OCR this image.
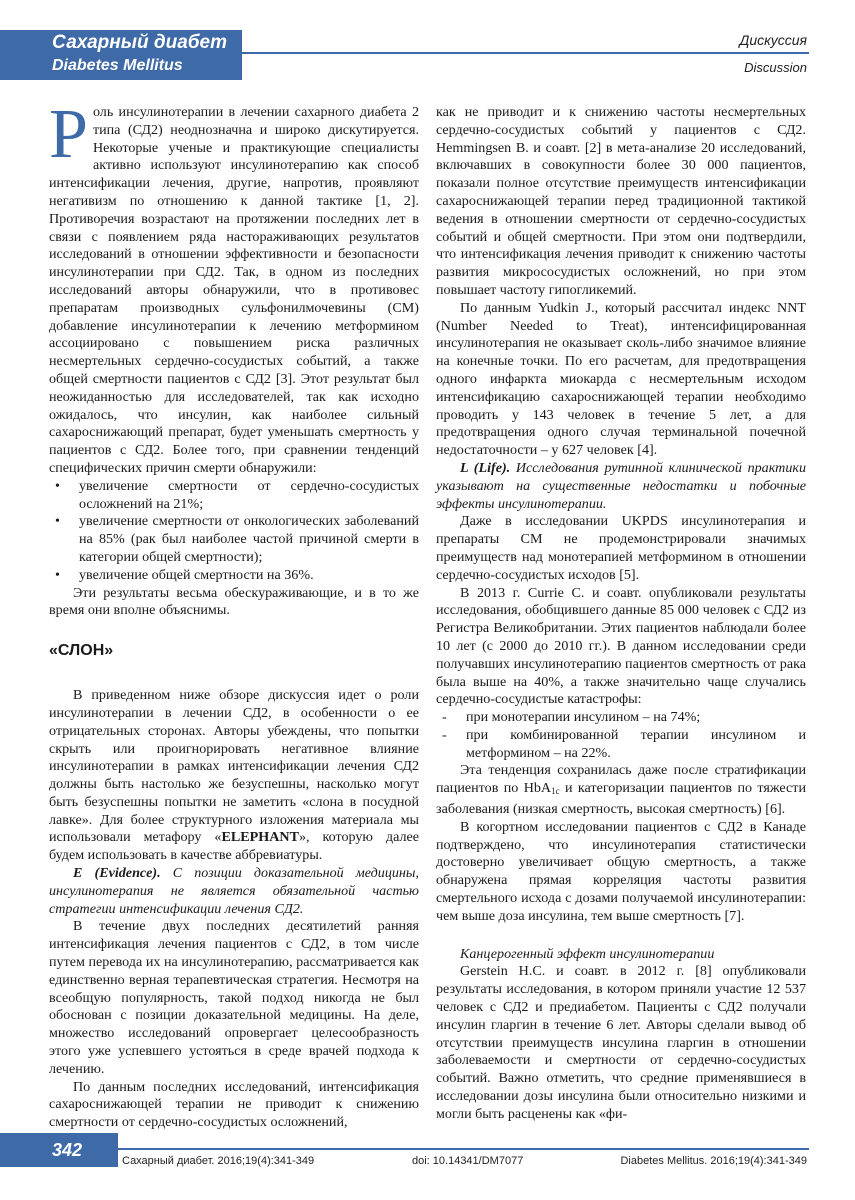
Сахарный диабет
Diabetes Mellitus
Дискуссия
Discussion

Роль инсулинотерапии в лечении сахарного диабета 2 типа (СД2) неоднозначна и широко дискутируется. Некоторые ученые и практикующие специалисты активно используют инсулинотерапию как способ интенсификации лечения, другие, напротив, проявляют негативизм по отношению к данной тактике [1, 2]. Противоречия возрастают на протяжении последних лет в связи с появлением ряда настораживающих результатов исследований в отношении эффективности и безопасности инсулинотерапии при СД2. Так, в одном из последних исследований авторы обнаружили, что в противовес препаратам производных сульфонилмочевины (СМ) добавление инсулинотерапии к лечению метформином ассоциировано с повышением риска различных несмертельных сердечно-сосудистых событий, а также общей смертности пациентов с СД2 [3]. Этот результат был неожиданностью для исследователей, так как исходно ожидалось, что инсулин, как наиболее сильный сахароснижающий препарат, будет уменьшать смертность у пациентов с СД2. Более того, при сравнении тенденций специфических причин смерти обнаружили:

• увеличение смертности от сердечно-сосудистых осложнений на 21%;
• увеличение смертности от онкологических заболеваний на 85% (рак был наиболее частой причиной смерти в категории общей смертности);
• увеличение общей смертности на 36%.

Эти результаты весьма обескураживающие, и в то же время они вполне объяснимы.

«СЛОН»

В приведенном ниже обзоре дискуссия идет о роли инсулинотерапии в лечении СД2, в особенности о ее отрицательных сторонах. Авторы убеждены, что попытки скрыть или проигнорировать негативное влияние инсулинотерапии в рамках интенсификации лечения СД2 должны быть настолько же безуспешны, насколько могут быть безуспешны попытки не заметить «слона в посудной лавке». Для более структурного изложения материала мы использовали метафору «ELEPHANT», которую далее будем использовать в качестве аббревиатуры.

E (Evidence). С позиции доказательной медицины, инсулинотерапия не является обязательной частью стратегии интенсификации лечения СД2.

В течение двух последних десятилетий ранняя интенсификация лечения пациентов с СД2, в том числе путем перевода их на инсулинотерапию, рассматривается как единственно верная терапевтическая стратегия. Несмотря на всеобщую популярность, такой подход никогда не был обоснован с позиции доказательной медицины. На деле, множество исследований опровергает целесообразность этого уже успевшего устояться в среде врачей подхода к лечению.

По данным последних исследований, интенсификация сахароснижающей терапии не приводит к снижению смертности от сердечно-сосудистых осложнений,

как не приводит и к снижению частоты несмертельных сердечно-сосудистых событий у пациентов с СД2. Hemmingsen B. и соавт. [2] в мета-анализе 20 исследований, включавших в совокупности более 30 000 пациентов, показали полное отсутствие преимуществ интенсификации сахароснижающей терапии перед традиционной тактикой ведения в отношении смертности от сердечно-сосудистых событий и общей смертности. При этом они подтвердили, что интенсификация лечения приводит к снижению частоты развития микрососудистых осложнений, но при этом повышает частоту гипогликемий.

По данным Yudkin J., который рассчитал индекс NNT (Number Needed to Treat), интенсифицированная инсулинотерапия не оказывает сколь-либо значимое влияние на конечные точки. По его расчетам, для предотвращения одного инфаркта миокарда с несмертельным исходом интенсификацию сахароснижающей терапии необходимо проводить у 143 человек в течение 5 лет, а для предотвращения одного случая терминальной почечной недостаточности – у 627 человек [4].

L (Life). Исследования рутинной клинической практики указывают на существенные недостатки и побочные эффекты инсулинотерапии.

Даже в исследовании UKPDS инсулинотерапия и препараты СМ не продемонстрировали значимых преимуществ над монотерапией метформином в отношении сердечно-сосудистых исходов [5].

В 2013 г. Currie C. и соавт. опубликовали результаты исследования, обобщившего данные 85 000 человек с СД2 из Регистра Великобритании. Этих пациентов наблюдали более 10 лет (с 2000 до 2010 гг.). В данном исследовании среди получавших инсулинотерапию пациентов смертность от рака была выше на 40%, а также значительно чаще случались сердечно-сосудистые катастрофы:

- при монотерапии инсулином – на 74%;
- при комбинированной терапии инсулином и метформином – на 22%.

Эта тенденция сохранилась даже после стратификации пациентов по HbA$_{1c}$ и категоризации пациентов по тяжести заболевания (низкая смертность, высокая смертность) [6].

В когортном исследовании пациентов с СД2 в Канаде подтверждено, что инсулинотерапия статистически достоверно увеличивает общую смертность, а также обнаружена прямая корреляция частоты развития смертельного исхода с дозами получаемой инсулинотерапии: чем выше доза инсулина, тем выше смертность [7].

Канцерогенный эффект инсулинотерапии

Gerstein H.C. и соавт. в 2012 г. [8] опубликовали результаты исследования, в котором приняли участие 12 537 человек с СД2 и предиабетом. Пациенты с СД2 получали инсулин гларгин в течение 6 лет. Авторы сделали вывод об отсутствии преимуществ инсулина гларгин в отношении заболеваемости и смертности от сердечно-сосудистых событий. Важно отметить, что средние применявшиеся в исследовании дозы инсулина были относительно низкими и могли быть расценены как «фи-

342
Сахарный диабет. 2016;19(4):341-349	doi: 10.14341/DM7077	Diabetes Mellitus. 2016;19(4):341-349
